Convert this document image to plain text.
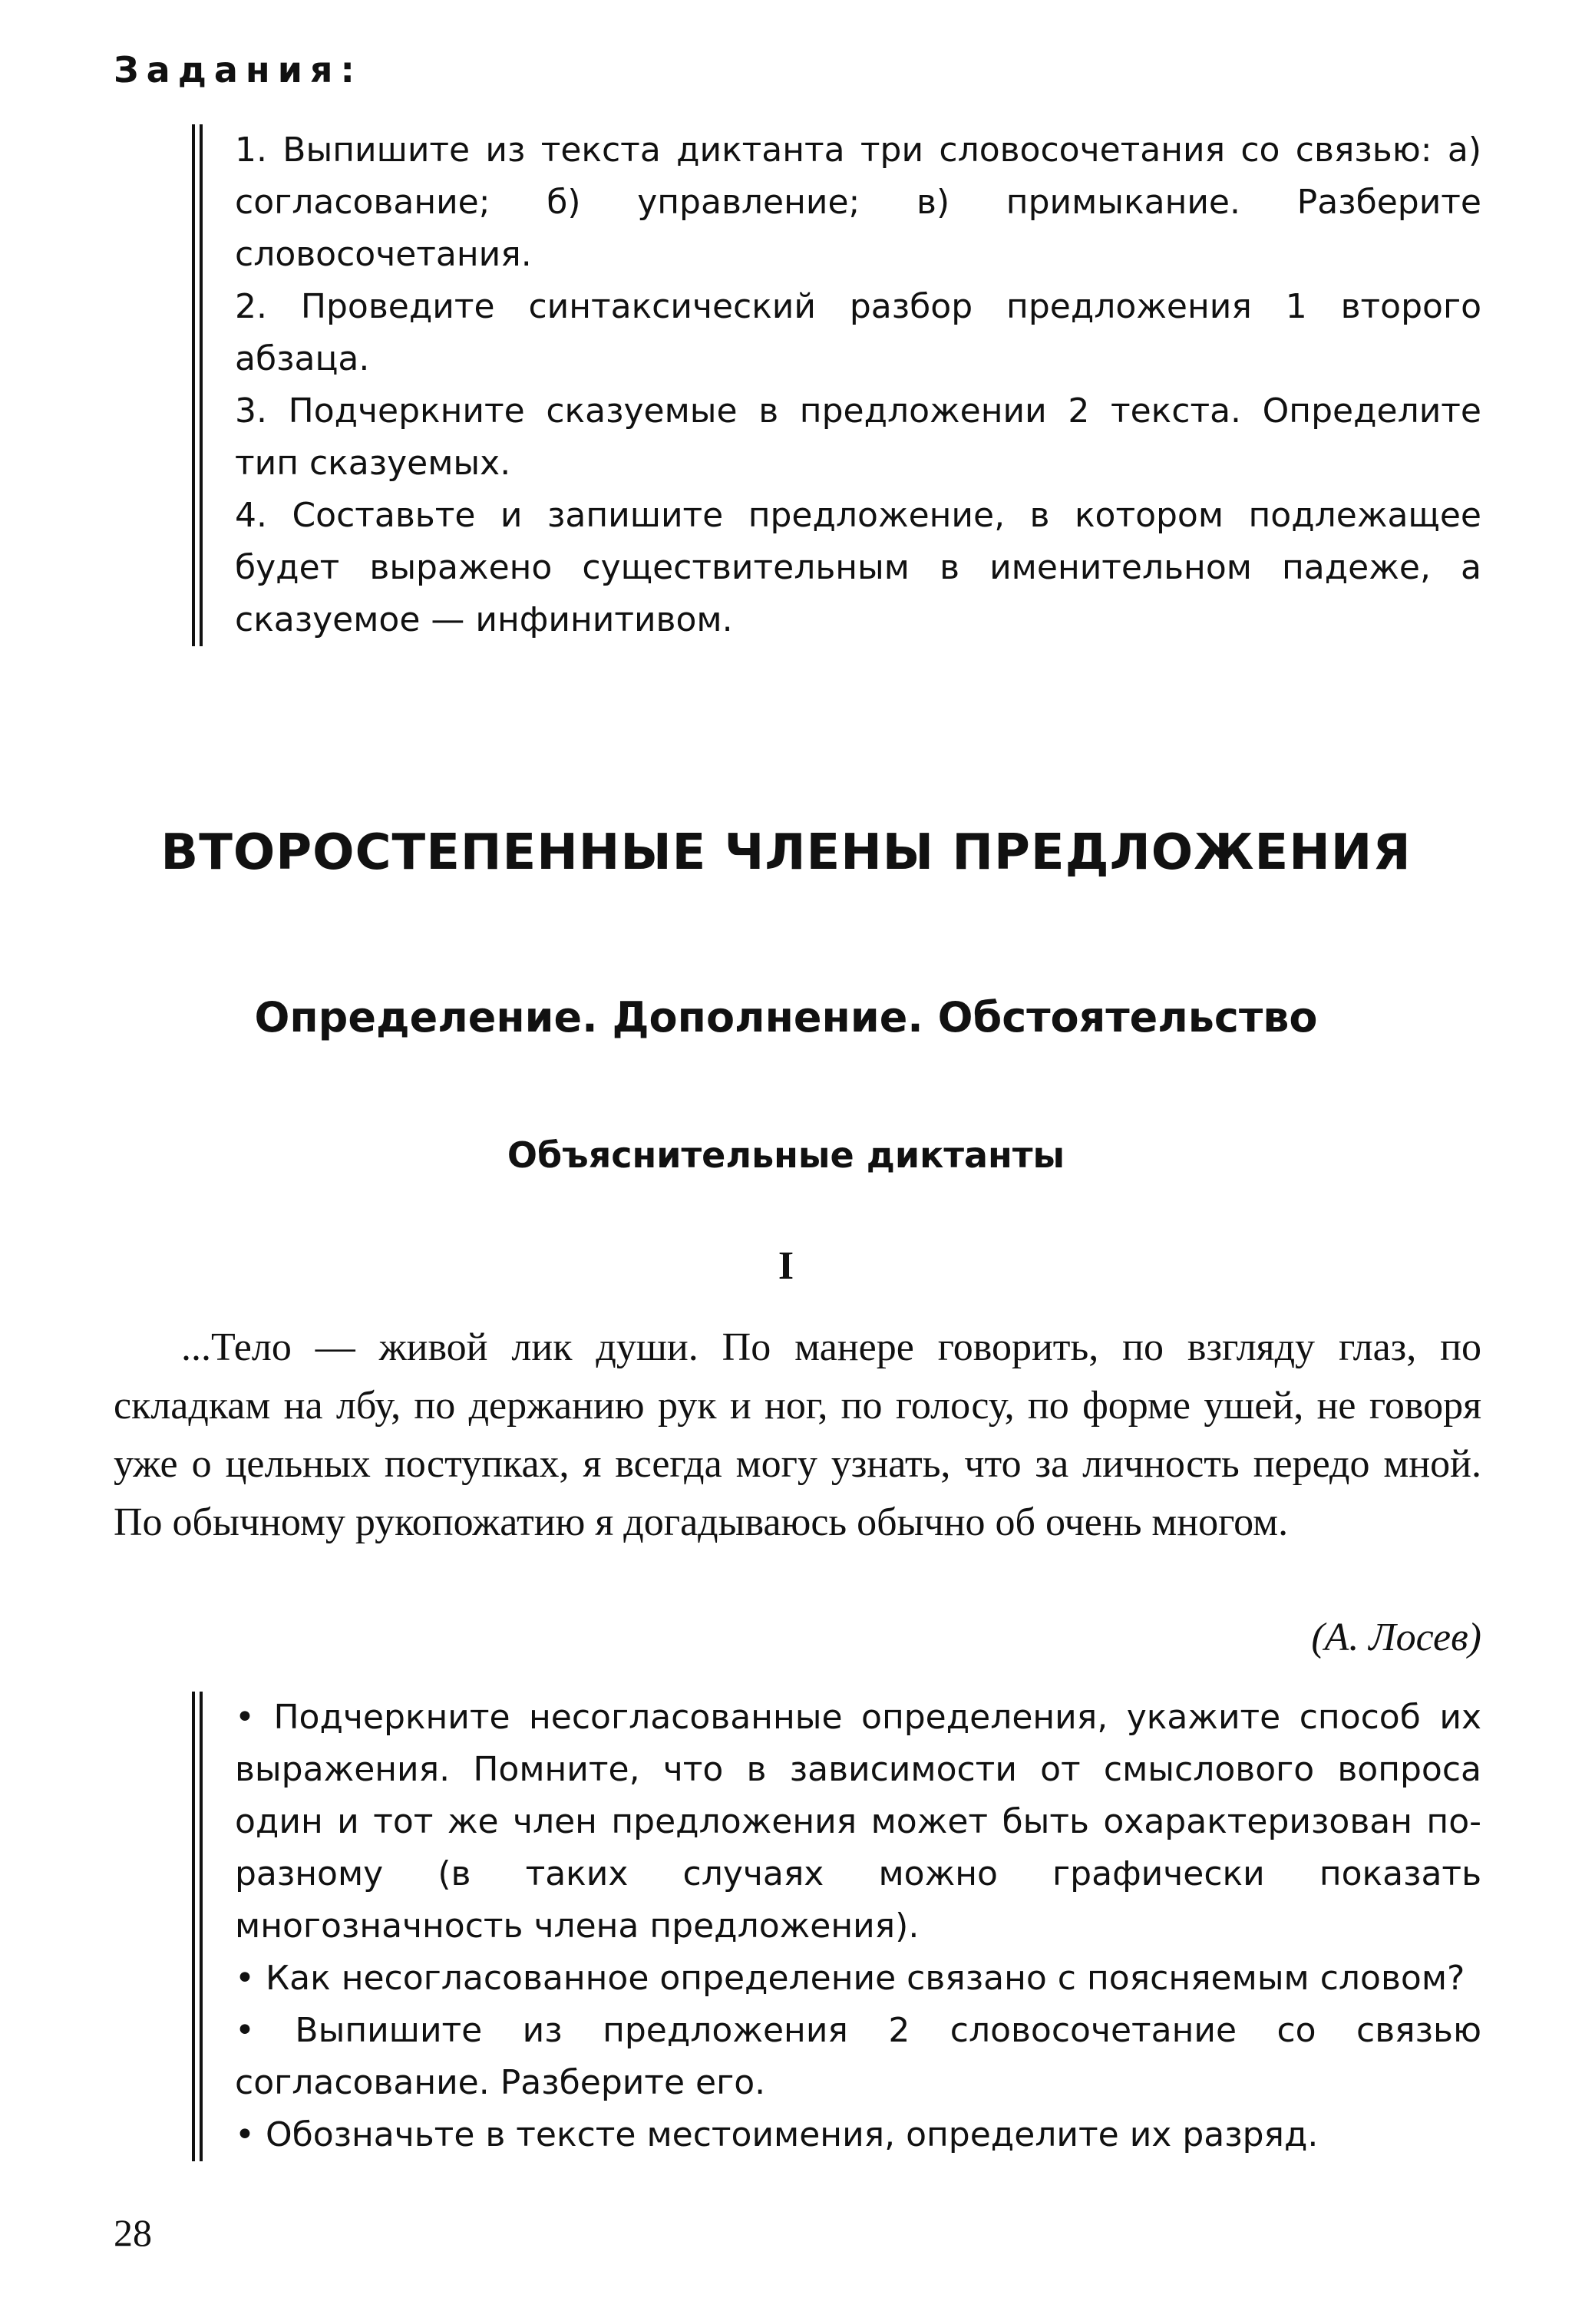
Задания:

1. Выпишите из текста диктанта три словосочетания со связью: а) согласование; б) управление; в) примыкание. Разберите словосочетания.

2. Проведите синтаксический разбор предложения 1 второго абзаца.

3. Подчеркните сказуемые в предложении 2 текста. Определите тип сказуемых.

4. Составьте и запишите предложение, в котором подлежащее будет выражено существительным в именительном падеже, а сказуемое — инфинитивом.

ВТОРОСТЕПЕННЫЕ ЧЛЕНЫ ПРЕДЛОЖЕНИЯ
Определение. Дополнение. Обстоятельство
Объяснительные диктанты
I

...Тело — живой лик души. По манере говорить, по взгляду глаз, по складкам на лбу, по держанию рук и ног, по голосу, по форме ушей, не говоря уже о цельных поступках, я всегда могу узнать, что за личность передо мной. По обычному рукопожатию я догадываюсь обычно об очень многом.

(А. Лосев)

• Подчеркните несогласованные определения, укажите способ их выражения. Помните, что в зависимости от смыслового вопроса один и тот же член предложения может быть охарактеризован по-разному (в таких случаях можно графически показать многозначность члена предложения).

• Как несогласованное определение связано с поясняемым словом?

• Выпишите из предложения 2 словосочетание со связью согласование. Разберите его.

• Обозначьте в тексте местоимения, определите их разряд.

28
